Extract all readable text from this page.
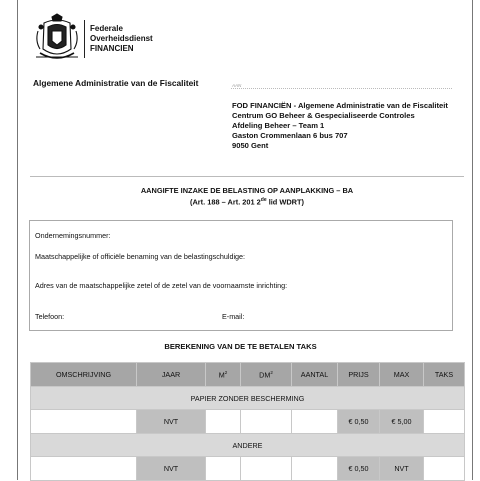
Federale
Overheidsdienst
FINANCIEN
Algemene Administratie van de Fiscaliteit	AAN
FOD FINANCIËN - Algemene Administratie van de Fiscaliteit
Centrum GO Beheer & Gespecialiseerde Controles
Afdeling Beheer – Team 1
Gaston Crommenlaan 6 bus 707
9050 Gent
AANGIFTE INZAKE DE BELASTING OP AANPLAKKING – BA
(Art. 188 – Art. 201 2de lid WDRT)
Ondernemingsnummer:
Maatschappelijke of officiële benaming van de belastingschuldige:
Adres van de maatschappelijke zetel of de zetel van de voornaamste inrichting:
Telefoon:	E-mail:
BEREKENING VAN DE TE BETALEN TAKS
OMSCHRIJVING	JAAR	$M^2$	$DM^2$	AANTAL	PRIJS	MAX	TAKS
PAPIER ZONDER BESCHERMING							
	NVT				€ 0,50	€ 5,00	
ANDERE							
	NVT				€ 0,50	NVT	
